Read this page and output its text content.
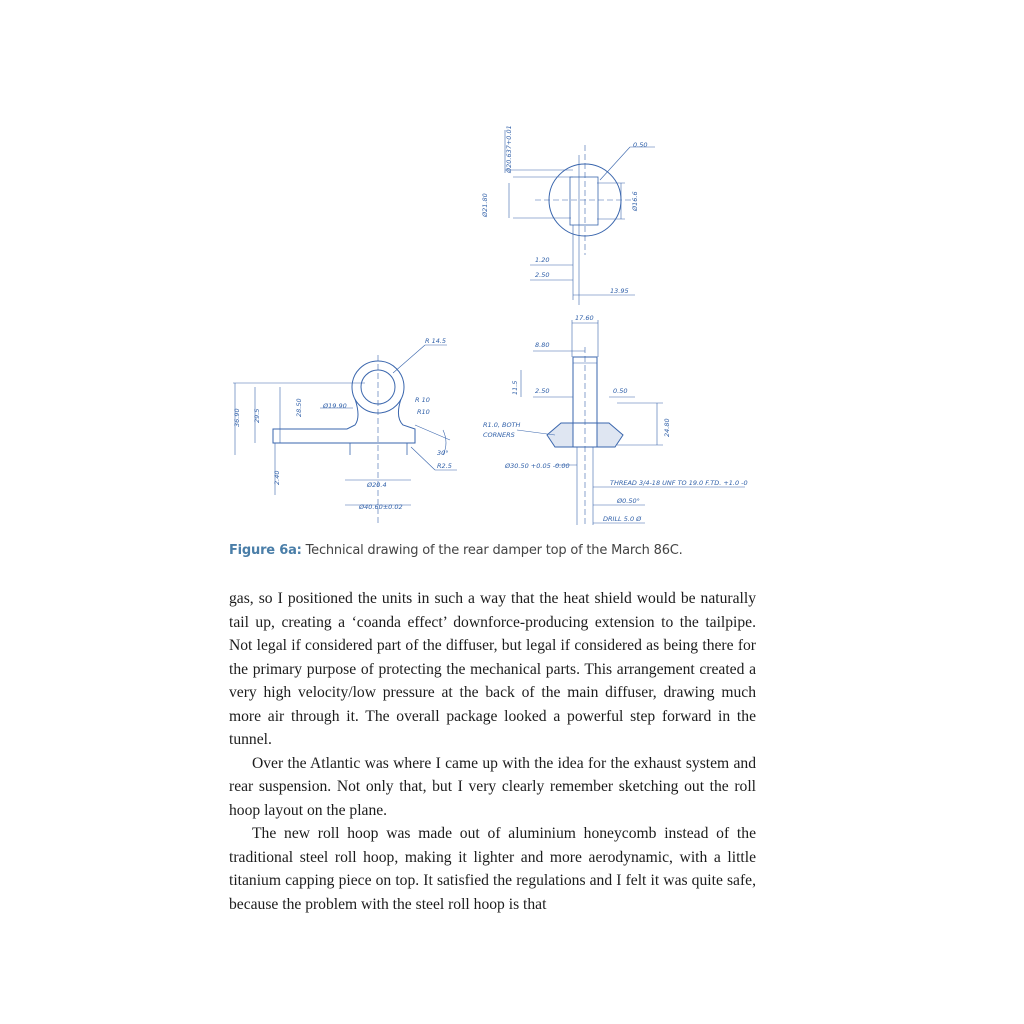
0.50
Ø20.637+0.01
Ø21.80	Ø16.6
1.20
2.50
13.95
R 14.5
36.90 29.5	28.50	Ø19.90
R 10
R10
30°
2.40
R2.5
Ø20.4
Ø40.60±0.02
17.60
8.80
11.5 2.50	0.50
R1.0, BOTH
CORNERS	24.80
Ø30.50 +0.05 -0.00
THREAD 3/4-18 UNF TO 19.0 F.TD. +1.0 -0
Ø0.50°
DRILL 5.0 Ø
Figure 6a: Technical drawing of the rear damper top of the March 86C.

gas, so I positioned the units in such a way that the heat shield would be naturally tail up, creating a ‘coanda effect’ downforce-producing extension to the tailpipe. Not legal if considered part of the diffuser, but legal if considered as being there for the primary purpose of protecting the mechanical parts. This arrangement created a very high velocity/low pressure at the back of the main diffuser, drawing much more air through it. The overall package looked a powerful step forward in the tunnel.

Over the Atlantic was where I came up with the idea for the exhaust system and rear suspension. Not only that, but I very clearly remember sketching out the roll hoop layout on the plane.

The new roll hoop was made out of aluminium honeycomb instead of the traditional steel roll hoop, making it lighter and more aerodynamic, with a little titanium capping piece on top. It satisfied the regulations and I felt it was quite safe, because the problem with the steel roll hoop is that
